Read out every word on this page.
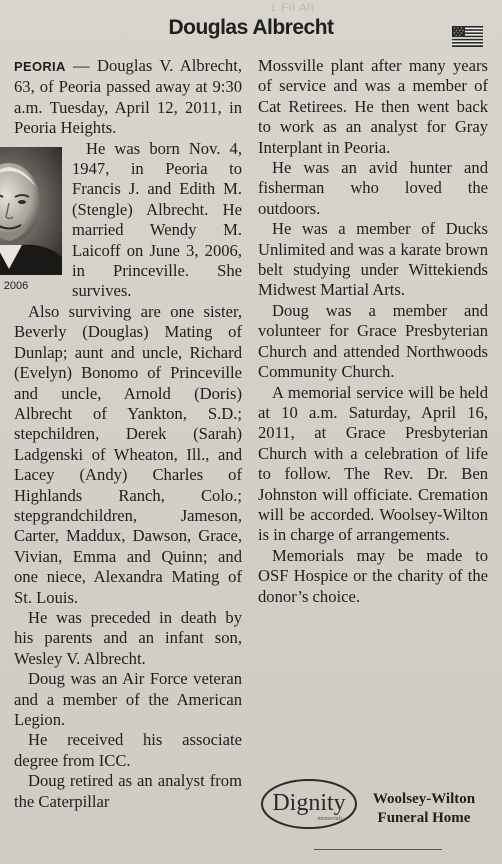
1 Fil Ali
Douglas Albrecht

PEORIA — Douglas V. Albrecht, 63, of Peoria passed away at 9:30 a.m. Tuesday, April 12, 2011, in Peoria Heights.

2006
He was born Nov. 4, 1947, in Peoria to Francis J. and Edith M. (Stengle) Albrecht. He married Wendy M. Laicoff on June 3, 2006, in Princeville. She survives.

Also surviving are one sister, Beverly (Douglas) Mating of Dunlap; aunt and uncle, Richard (Evelyn) Bonomo of Princeville and uncle, Arnold (Doris) Albrecht of Yankton, S.D.; stepchildren, Derek (Sarah) Ladgenski of Wheaton, Ill., and Lacey (Andy) Charles of Highlands Ranch, Colo.; stepgrandchildren, Jameson, Carter, Maddux, Dawson, Grace, Vivian, Emma and Quinn; and one niece, Alexandra Mating of St. Louis.

He was preceded in death by his parents and an infant son, Wesley V. Albrecht.

Doug was an Air Force veteran and a member of the American Legion.

He received his associate degree from ICC.

Doug retired as an analyst from the Caterpillar

Mossville plant after many years of service and was a member of Cat Retirees. He then went back to work as an analyst for Gray Interplant in Peoria.

He was an avid hunter and fisherman who loved the outdoors.

He was a member of Ducks Unlimited and was a karate brown belt studying under Wittekiends Midwest Martial Arts.

Doug was a member and volunteer for Grace Presbyterian Church and attended Northwoods Community Church.

A memorial service will be held at 10 a.m. Saturday, April 16, 2011, at Grace Presbyterian Church with a celebration of life to follow. The Rev. Dr. Ben Johnston will officiate. Cremation will be accorded. Woolsey-Wilton is in charge of arrangements.

Memorials may be made to OSF Hospice or the charity of the donor’s choice.

Dignity
memorials
Woolsey-Wilton
Funeral Home
